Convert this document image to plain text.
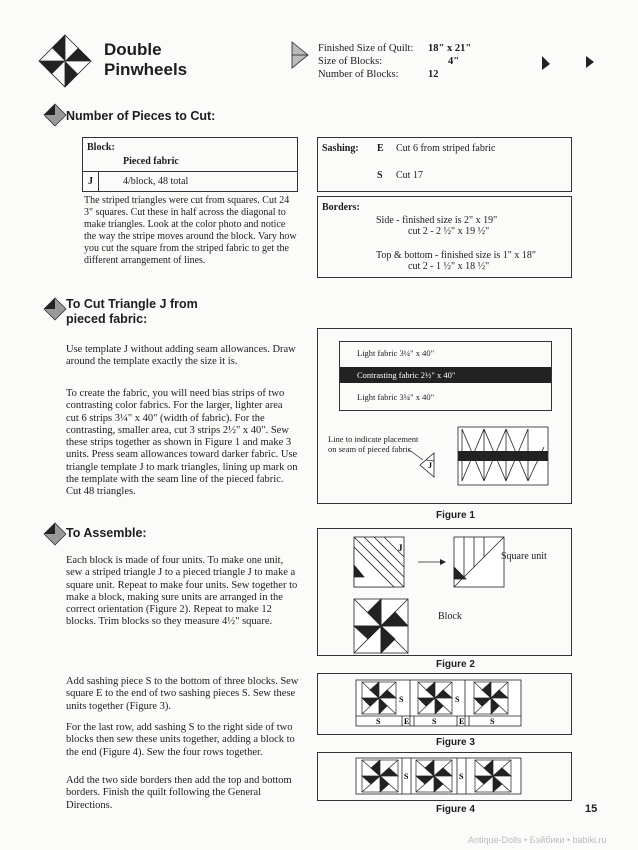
Double
Pinwheels
Finished Size of Quilt:	18" x 21"
Size of Blocks:	4"
Number of Blocks:	12
Number of Pieces to Cut:
Block:
Pieced fabric
J	4/block, 48 total
The striped triangles were cut from squares. Cut 24 3" squares. Cut these in half across the diagonal to make triangles. Look at the color photo and notice the way the stripe moves around the block. Vary how you cut the square from the striped fabric to get the different arrangement of lines.
Sashing: E Cut 6 from striped fabric
S Cut 17
Borders:
Side - finished size is 2" x 19"
cut 2 - 2 ½" x 19 ½"
Top & bottom - finished size is 1" x 18"
cut 2 - 1 ½" x 18 ½"
To Cut Triangle J from
pieced fabric:
Use template J without adding seam allowances. Draw around the template exactly the size it is.
To create the fabric, you will need bias strips of two contrasting color fabrics. For the larger, lighter area cut 6 strips 3¼" x 40" (width of fabric). For the contrasting, smaller area, cut 3 strips 2½" x 40". Sew these strips together as shown in Figure 1 and make 3 units. Press seam allowances toward darker fabric. Use triangle template J to mark triangles, lining up mark on the template with the seam line of the pieced fabric. Cut 48 triangles.
Light fabric 3¼" x 40"
Contrasting fabric 2½" x 40"
Light fabric 3¼" x 40"
Line to indicate placement on seam of pieced fabric
J
Figure 1
To Assemble:
Each block is made of four units. To make one unit, sew a striped triangle J to a pieced triangle J to make a square unit. Repeat to make four units. Sew together to make a block, making sure units are arranged in the correct orientation (Figure 2). Repeat to make 12 blocks. Trim blocks so they measure 4½" square.
Add sashing piece S to the bottom of three blocks. Sew square E to the end of two sashing pieces S. Sew these units together (Figure 3).
For the last row, add sashing S to the right side of two blocks then sew these units together, adding a block to the end (Figure 4). Sew the four rows together.
Add the two side borders then add the top and bottom borders. Finish the quilt following the General Directions.
J
Square unit
Block
Figure 2
S	S
S	E	S	E	S
Figure 3
S	S
Figure 4	15
Antique-Dolls • Бэйбики • babiki.ru
